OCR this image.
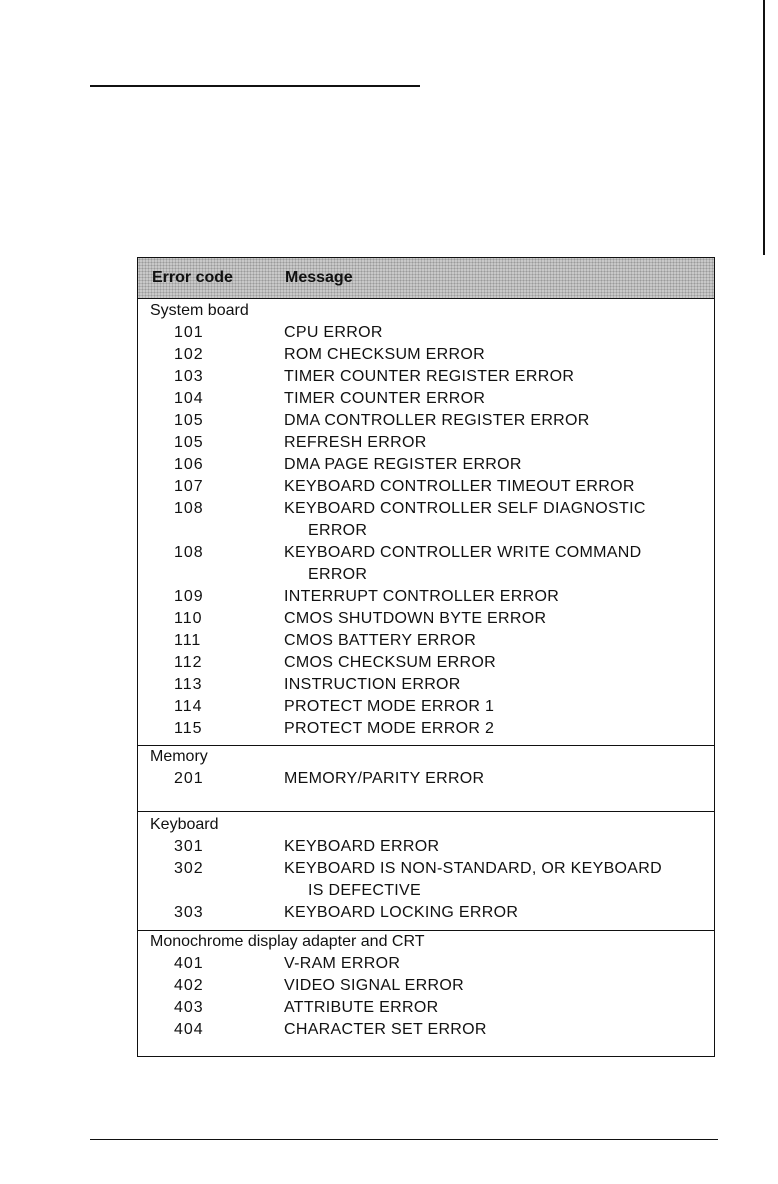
Error code	Message
System board
101	CPU ERROR
102	ROM CHECKSUM ERROR
103	TIMER COUNTER REGISTER ERROR
104	TIMER COUNTER ERROR
105	DMA CONTROLLER REGISTER ERROR
105	REFRESH ERROR
106	DMA PAGE REGISTER ERROR
107	KEYBOARD CONTROLLER TIMEOUT ERROR
108	KEYBOARD CONTROLLER SELF DIAGNOSTIC
ERROR
108	KEYBOARD CONTROLLER WRITE COMMAND
ERROR
109	INTERRUPT CONTROLLER ERROR
110	CMOS SHUTDOWN BYTE ERROR
111	CMOS BATTERY ERROR
112	CMOS CHECKSUM ERROR
113	INSTRUCTION ERROR
114	PROTECT MODE ERROR 1
115	PROTECT MODE ERROR 2
Memory
201	MEMORY/PARITY ERROR
Keyboard
301	KEYBOARD ERROR
302	KEYBOARD IS NON-STANDARD, OR KEYBOARD
IS DEFECTIVE
303	KEYBOARD LOCKING ERROR
Monochrome display adapter and CRT
401	V-RAM ERROR
402	VIDEO SIGNAL ERROR
403	ATTRIBUTE ERROR
404	CHARACTER SET ERROR
